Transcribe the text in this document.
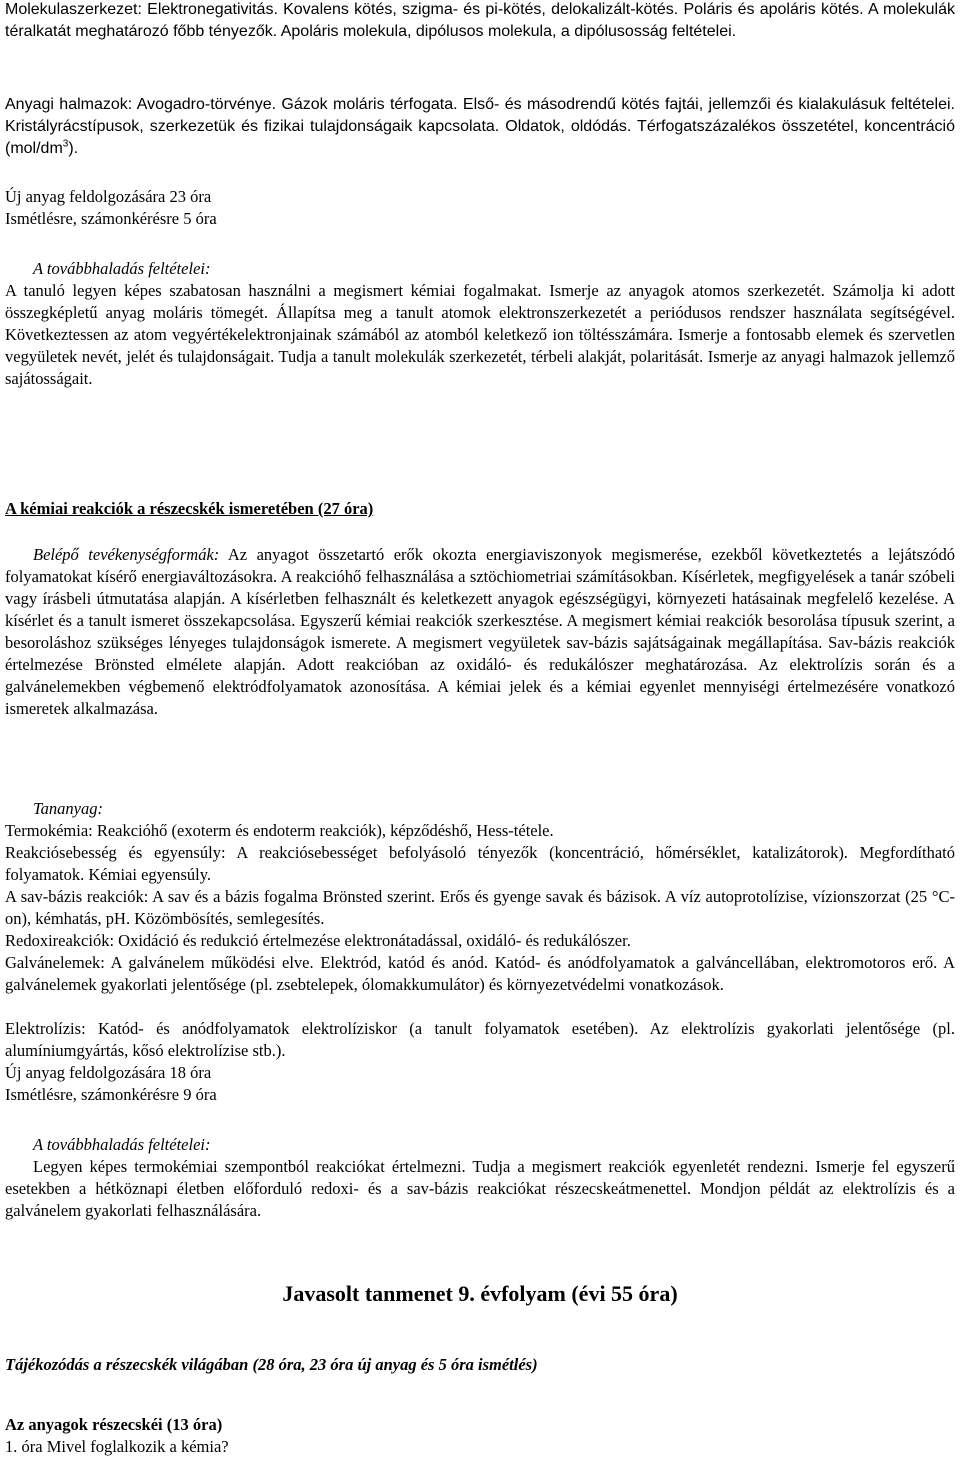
Molekulaszerkezet: Elektronegativitás. Kovalens kötés, szigma- és pi-kötés, delokalizált-kötés. Poláris és apoláris kötés. A molekulák téralkatát meghatározó főbb tényezők. Apoláris molekula, dipólusos molekula, a dipólusosság feltételei.

Anyagi halmazok: Avogadro-törvénye. Gázok moláris térfogata. Első- és másodrendű kötés fajtái, jellemzői és kialakulásuk feltételei. Kristályrácstípusok, szerkezetük és fizikai tulajdonságaik kapcsolata. Oldatok, oldódás. Térfogatszázalékos összetétel, koncentráció $(mol/dm^3)$.

Új anyag feldolgozására 23 óra
Ismétlésre, számonkérésre 5 óra
A továbbhaladás feltételei:

A tanuló legyen képes szabatosan használni a megismert kémiai fogalmakat. Ismerje az anyagok atomos szerkezetét. Számolja ki adott összegképletű anyag moláris tömegét. Állapítsa meg a tanult atomok elektronszerkezetét a periódusos rendszer használata segítségével. Következtessen az atom vegyértékelektronjainak számából az atomból keletkező ion töltésszámára. Ismerje a fontosabb elemek és szervetlen vegyületek nevét, jelét és tulajdonságait. Tudja a tanult molekulák szerkezetét, térbeli alakját, polaritását. Ismerje az anyagi halmazok jellemző sajátosságait.

A kémiai reakciók a részecskék ismeretében (27 óra)

Belépő tevékenységformák: Az anyagot összetartó erők okozta energiaviszonyok megismerése, ezekből következtetés a lejátszódó folyamatokat kísérő energiaváltozásokra. A reakcióhő felhasználása a sztöchiometriai számításokban. Kísérletek, megfigyelések a tanár szóbeli vagy írásbeli útmutatása alapján. A kísérletben felhasznált és keletkezett anyagok egészségügyi, környezeti hatásainak megfelelő kezelése. A kísérlet és a tanult ismeret összekapcsolása. Egyszerű kémiai reakciók szerkesztése. A megismert kémiai reakciók besorolása típusuk szerint, a besoroláshoz szükséges lényeges tulajdonságok ismerete. A megismert vegyületek sav-bázis sajátságainak megállapítása. Sav-bázis reakciók értelmezése Brönsted elmélete alapján. Adott reakcióban az oxidáló- és redukálószer meghatározása. Az elektrolízis során és a galvánelemekben végbemenő elektródfolyamatok azonosítása. A kémiai jelek és a kémiai egyenlet mennyiségi értelmezésére vonatkozó ismeretek alkalmazása.

Tananyag:

Termokémia: Reakcióhő (exoterm és endoterm reakciók), képződéshő, Hess-tétele.

Reakciósebesség és egyensúly: A reakciósebességet befolyásoló tényezők (koncentráció, hőmérséklet, katalizátorok). Megfordítható folyamatok. Kémiai egyensúly.

A sav-bázis reakciók: A sav és a bázis fogalma Brönsted szerint. Erős és gyenge savak és bázisok. A víz autoprotolízise, vízionszorzat (25 °C-on), kémhatás, pH. Közömbösítés, semlegesítés.

Redoxireakciók: Oxidáció és redukció értelmezése elektronátadással, oxidáló- és redukálószer.

Galvánelemek: A galvánelem működési elve. Elektród, katód és anód. Katód- és anódfolyamatok a galváncellában, elektromotoros erő. A galvánelemek gyakorlati jelentősége (pl. zsebtelepek, ólomakkumulátor) és környezetvédelmi vonatkozások.

Elektrolízis: Katód- és anódfolyamatok elektrolíziskor (a tanult folyamatok esetében). Az elektrolízis gyakorlati jelentősége (pl. alumíniumgyártás, kősó elektrolízise stb.).

Új anyag feldolgozására 18 óra
Ismétlésre, számonkérésre 9 óra
A továbbhaladás feltételei:

Legyen képes termokémiai szempontból reakciókat értelmezni. Tudja a megismert reakciók egyenletét rendezni. Ismerje fel egyszerű esetekben a hétköznapi életben előforduló redoxi- és a sav-bázis reakciókat részecskeátmenettel. Mondjon példát az elektrolízis és a galvánelem gyakorlati felhasználására.

Javasolt tanmenet 9. évfolyam (évi 55 óra)
Tájékozódás a részecskék világában (28 óra, 23 óra új anyag és 5 óra ismétlés)
Az anyagok részecskéi (13 óra)
1. óra Mivel foglalkozik a kémia?
